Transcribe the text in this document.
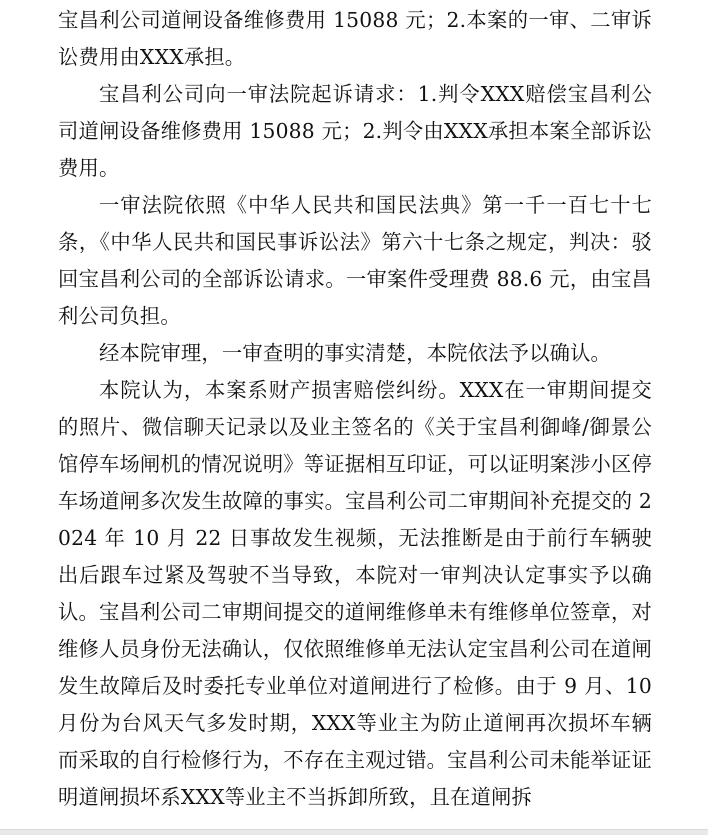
宝昌利公司道闸设备维修费用 15088 元；2.本案的一审、二审诉讼费用由XXX承担。

宝昌利公司向一审法院起诉请求：1.判令XXX赔偿宝昌利公司道闸设备维修费用 15088 元；2.判令由XXX承担本案全部诉讼费用。

一审法院依照《中华人民共和国民法典》第一千一百七十七条，《中华人民共和国民事诉讼法》第六十七条之规定，判决：驳回宝昌利公司的全部诉讼请求。一审案件受理费 88.6 元，由宝昌利公司负担。

经本院审理，一审查明的事实清楚，本院依法予以确认。

本院认为，本案系财产损害赔偿纠纷。XXX在一审期间提交的照片、微信聊天记录以及业主签名的《关于宝昌利御峰/御景公馆停车场闸机的情况说明》等证据相互印证，可以证明案涉小区停车场道闸多次发生故障的事实。宝昌利公司二审期间补充提交的 2024 年 10 月 22 日事故发生视频，无法推断是由于前行车辆驶出后跟车过紧及驾驶不当导致，本院对一审判决认定事实予以确认。宝昌利公司二审期间提交的道闸维修单未有维修单位签章，对维修人员身份无法确认，仅依照维修单无法认定宝昌利公司在道闸发生故障后及时委托专业单位对道闸进行了检修。由于 9 月、10 月份为台风天气多发时期，XXX等业主为防止道闸再次损坏车辆而采取的自行检修行为，不存在主观过错。宝昌利公司未能举证证明道闸损坏系XXX等业主不当拆卸所致，且在道闸拆
